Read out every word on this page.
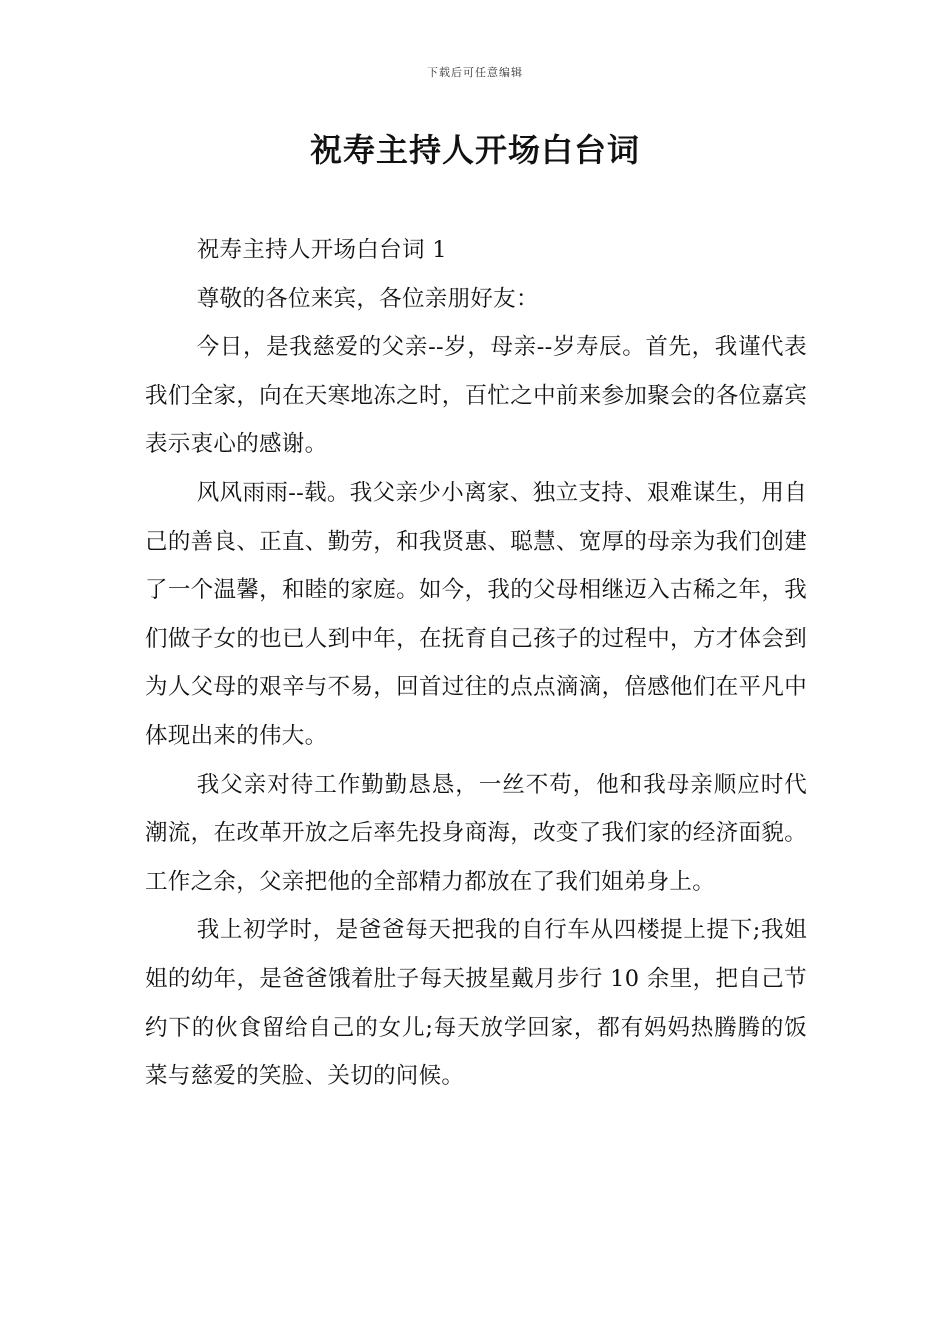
下载后可任意编辑
祝寿主持人开场白台词

祝寿主持人开场白台词 1

尊敬的各位来宾，各位亲朋好友：

今日，是我慈爱的父亲--岁，母亲--岁寿辰。首先，我谨代表我们全家，向在天寒地冻之时，百忙之中前来参加聚会的各位嘉宾表示衷心的感谢。

风风雨雨--载。我父亲少小离家、独立支持、艰难谋生，用自己的善良、正直、勤劳，和我贤惠、聪慧、宽厚的母亲为我们创建了一个温馨，和睦的家庭。如今，我的父母相继迈入古稀之年，我们做子女的也已人到中年，在抚育自己孩子的过程中，方才体会到为人父母的艰辛与不易，回首过往的点点滴滴，倍感他们在平凡中体现出来的伟大。

我父亲对待工作勤勤恳恳，一丝不苟，他和我母亲顺应时代潮流，在改革开放之后率先投身商海，改变了我们家的经济面貌。工作之余，父亲把他的全部精力都放在了我们姐弟身上。

我上初学时，是爸爸每天把我的自行车从四楼提上提下;我姐姐的幼年，是爸爸饿着肚子每天披星戴月步行 10 余里，把自己节约下的伙食留给自己的女儿;每天放学回家，都有妈妈热腾腾的饭菜与慈爱的笑脸、关切的问候。
